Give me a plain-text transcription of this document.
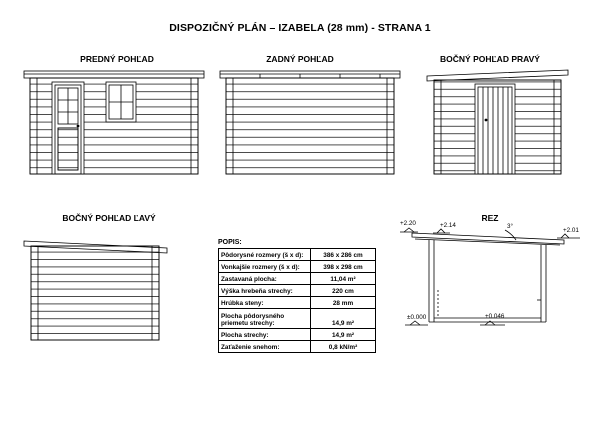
DISPOZIČNÝ PLÁN – IZABELA (28 mm) - STRANA 1
PREDNÝ POHĽAD	ZADNÝ POHĽAD	BOČNÝ POHĽAD PRAVÝ
BOČNÝ POHĽAD ĽAVÝ	REZ
+2.20	+2.14	3°
+2.01
±0.000	+0.046
POPIS:
Pôdorysné rozmery (š x d):	386 x 286 cm
Vonkajšie rozmery (š x d):	398 x 298 cm
Zastavaná plocha:	11,04 m²
Výška hrebeňa strechy:	220 cm
Hrúbka steny:	28 mm
Plocha pôdorysného priemetu strechy:	14,9 m²
Plocha strechy:	14,9 m²
Zaťaženie snehom:	0,8 kN/m²
